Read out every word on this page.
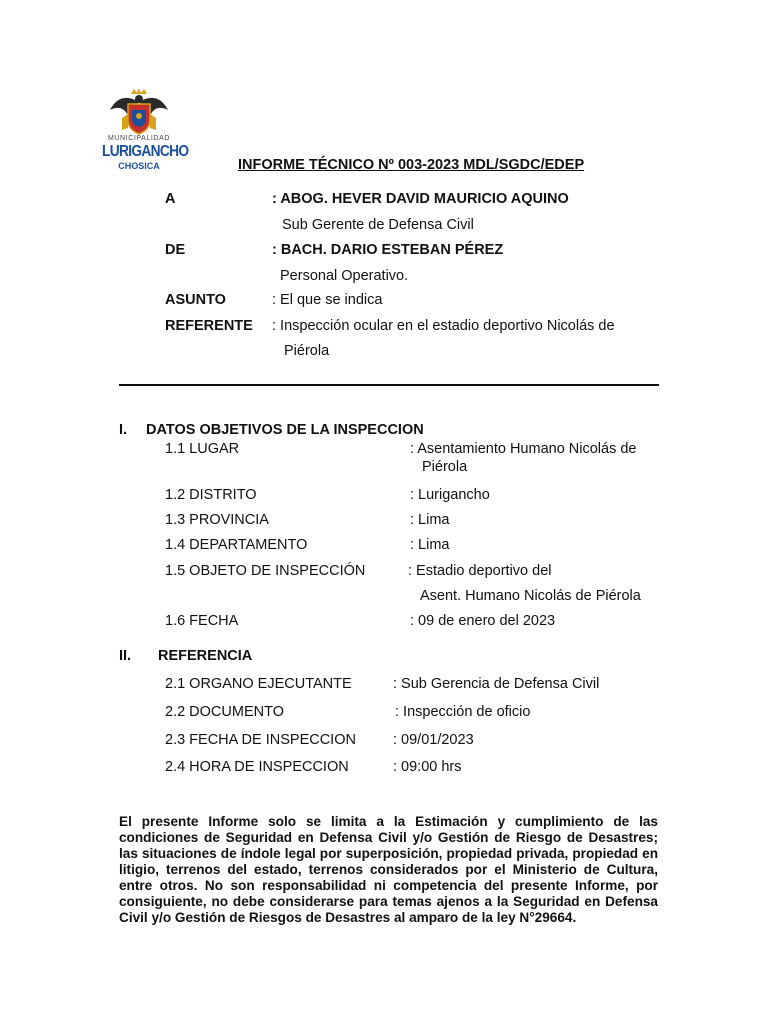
MUNICIPALIDAD
LURIGANCHO
CHOSICA	INFORME TÉCNICO Nº 003-2023 MDL/SGDC/EDEP
A	: ABOG. HEVER DAVID MAURICIO AQUINO
Sub Gerente de Defensa Civil
DE	: BACH. DARIO ESTEBAN PÉREZ
Personal Operativo.
ASUNTO	: El que se indica
REFERENTE : Inspección ocular en el estadio deportivo Nicolás de
Piérola
I. DATOS OBJETIVOS DE LA INSPECCION
1.1 LUGAR	: Asentamiento Humano Nicolás de
Piérola
1.2 DISTRITO	: Lurigancho
1.3 PROVINCIA	: Lima
1.4 DEPARTAMENTO	: Lima
1.5 OBJETO DE INSPECCIÓN	: Estadio deportivo del
Asent. Humano Nicolás de Piérola
1.6 FECHA	: 09 de enero del 2023
II. REFERENCIA
2.1 ORGANO EJECUTANTE	: Sub Gerencia de Defensa Civil
2.2 DOCUMENTO	: Inspección de oficio
2.3 FECHA DE INSPECCION	: 09/01/2023
2.4 HORA DE INSPECCION	: 09:00 hrs
El presente Informe solo se limita a la Estimación y cumplimiento de las condiciones de Seguridad en Defensa Civil y/o Gestión de Riesgo de Desastres; las situaciones de índole legal por superposición, propiedad privada, propiedad en litigio, terrenos del estado, terrenos considerados por el Ministerio de Cultura, entre otros. No son responsabilidad ni competencia del presente Informe, por consiguiente, no debe considerarse para temas ajenos a la Seguridad en Defensa Civil y/o Gestión de Riesgos de Desastres al amparo de la ley N°29664.
